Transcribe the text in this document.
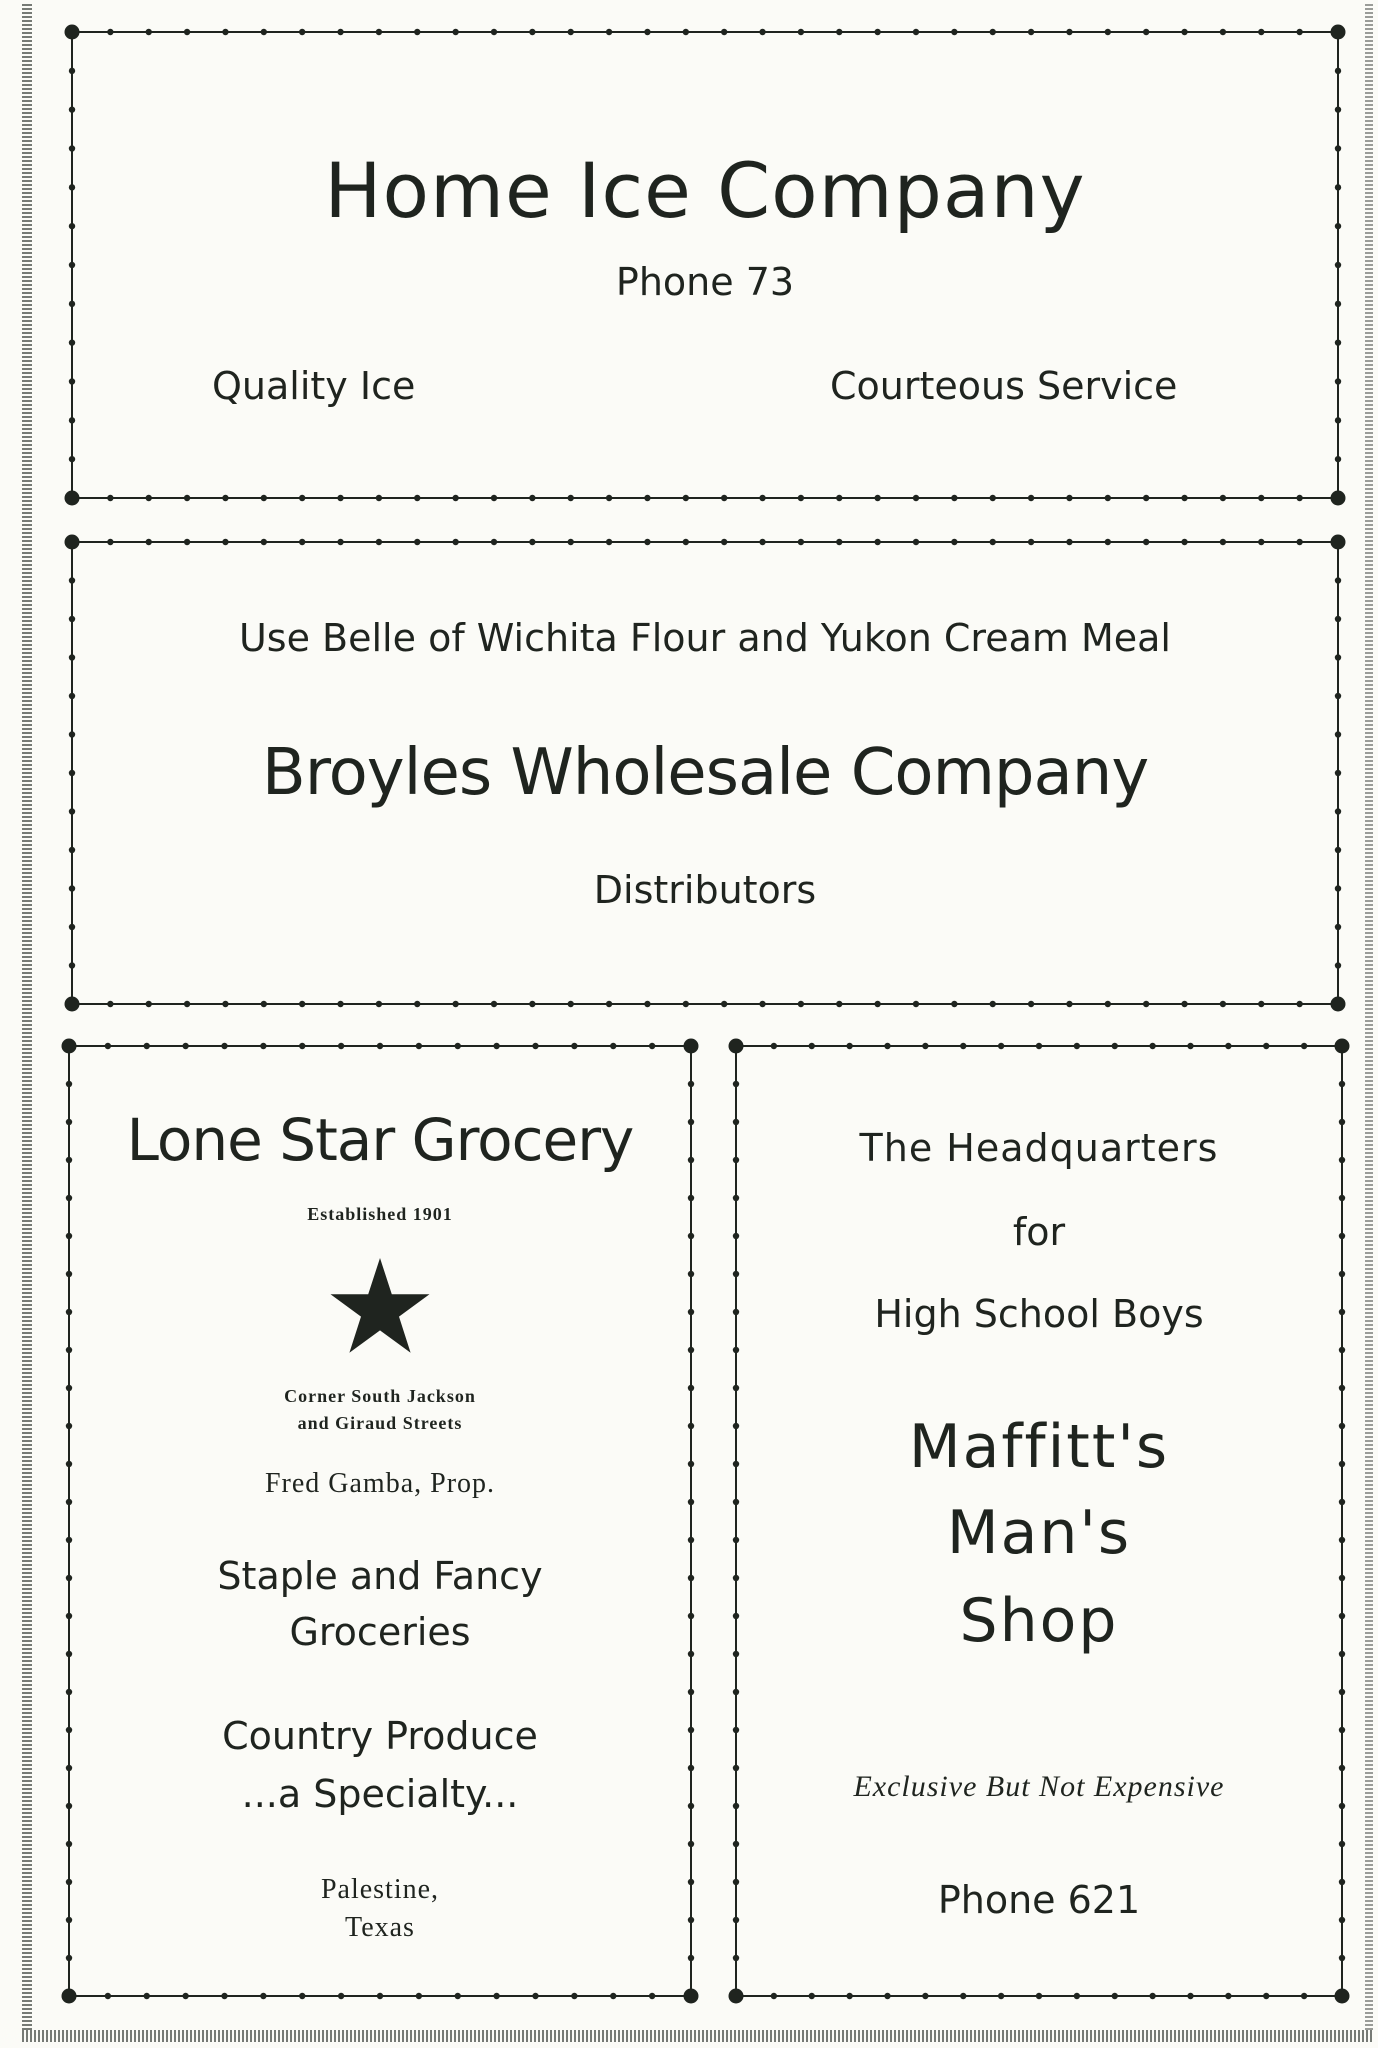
Home Ice Company
Phone 73
Quality Ice	Courteous Service
Use Belle of Wichita Flour and Yukon Cream Meal
Broyles Wholesale Company
Distributors
Lone Star Grocery
Established 1901
Corner South Jackson
and Giraud Streets
Fred Gamba, Prop.
Staple and Fancy
Groceries
Country Produce
...a Specialty...
Palestine,
Texas
The Headquarters
for
High School Boys
Maffitt's
Man's
Shop
Exclusive But Not Expensive
Phone 621
